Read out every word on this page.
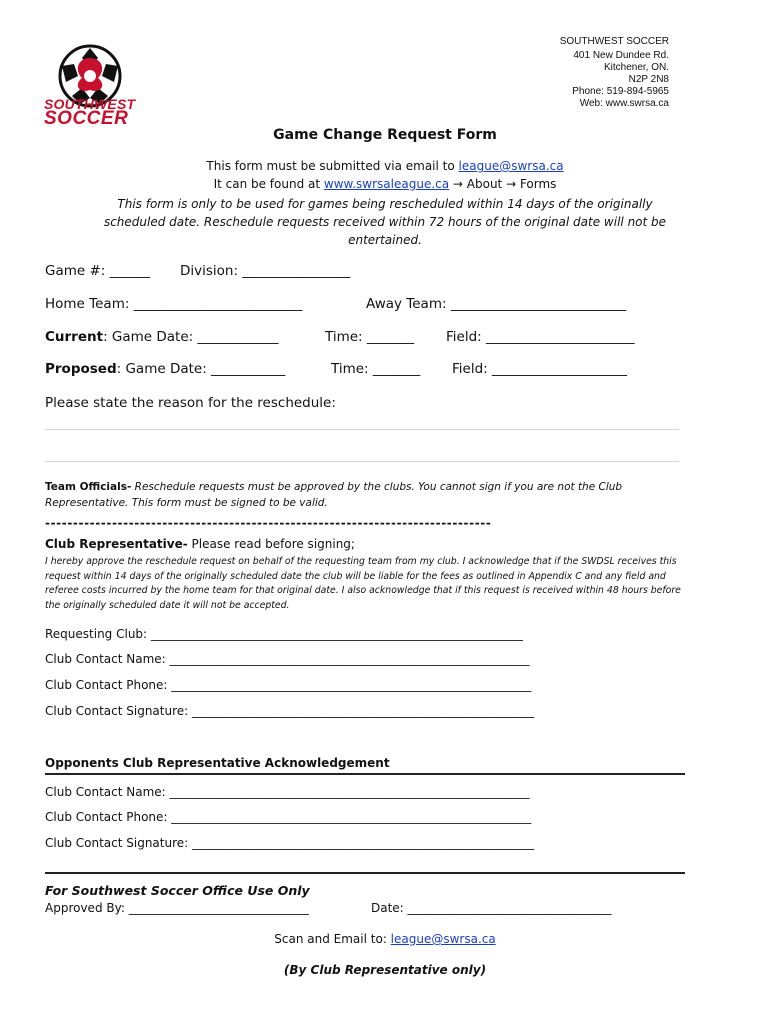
SOUTHWEST
SOCCER
SOUTHWEST SOCCER
401 New Dundee Rd.
Kitchener, ON.
N2P 2N8
Phone: 519-894-5965
Web: www.swrsa.ca
Game Change Request Form
This form must be submitted via email to league@swrsa.ca
It can be found at www.swrsaleague.ca → About → Forms
This form is only to be used for games being rescheduled within 14 days of the originally scheduled date. Reschedule requests received within 72 hours of the original date will not be entertained.
Game #: ______ Division: ________________
Home Team: _________________________	Away Team: __________________________
Current: Game Date: ____________	Time: _______ Field: ______________________
Proposed: Game Date: ___________	Time: _______ Field: ____________________
Please state the reason for the reschedule:
Team Officials- Reschedule requests must be approved by the clubs. You cannot sign if you are not the Club Representative. This form must be signed to be valid.
--------------------------------------------------------------------------------
Club Representative- Please read before signing;
I hereby approve the reschedule request on behalf of the requesting team from my club. I acknowledge that if the SWDSL receives this request within 14 days of the originally scheduled date the club will be liable for the fees as outlined in Appendix C and any field and referee costs incurred by the home team for that original date. I also acknowledge that if this request is received within 48 hours before the originally scheduled date it will not be accepted.
Requesting Club: ______________________________________________________________
Club Contact Name: ____________________________________________________________
Club Contact Phone: ____________________________________________________________
Club Contact Signature: _________________________________________________________
Opponents Club Representative Acknowledgement
Club Contact Name: ____________________________________________________________
Club Contact Phone: ____________________________________________________________
Club Contact Signature: _________________________________________________________
For Southwest Soccer Office Use Only
Approved By: ______________________________	Date: __________________________________
Scan and Email to: league@swrsa.ca
(By Club Representative only)
